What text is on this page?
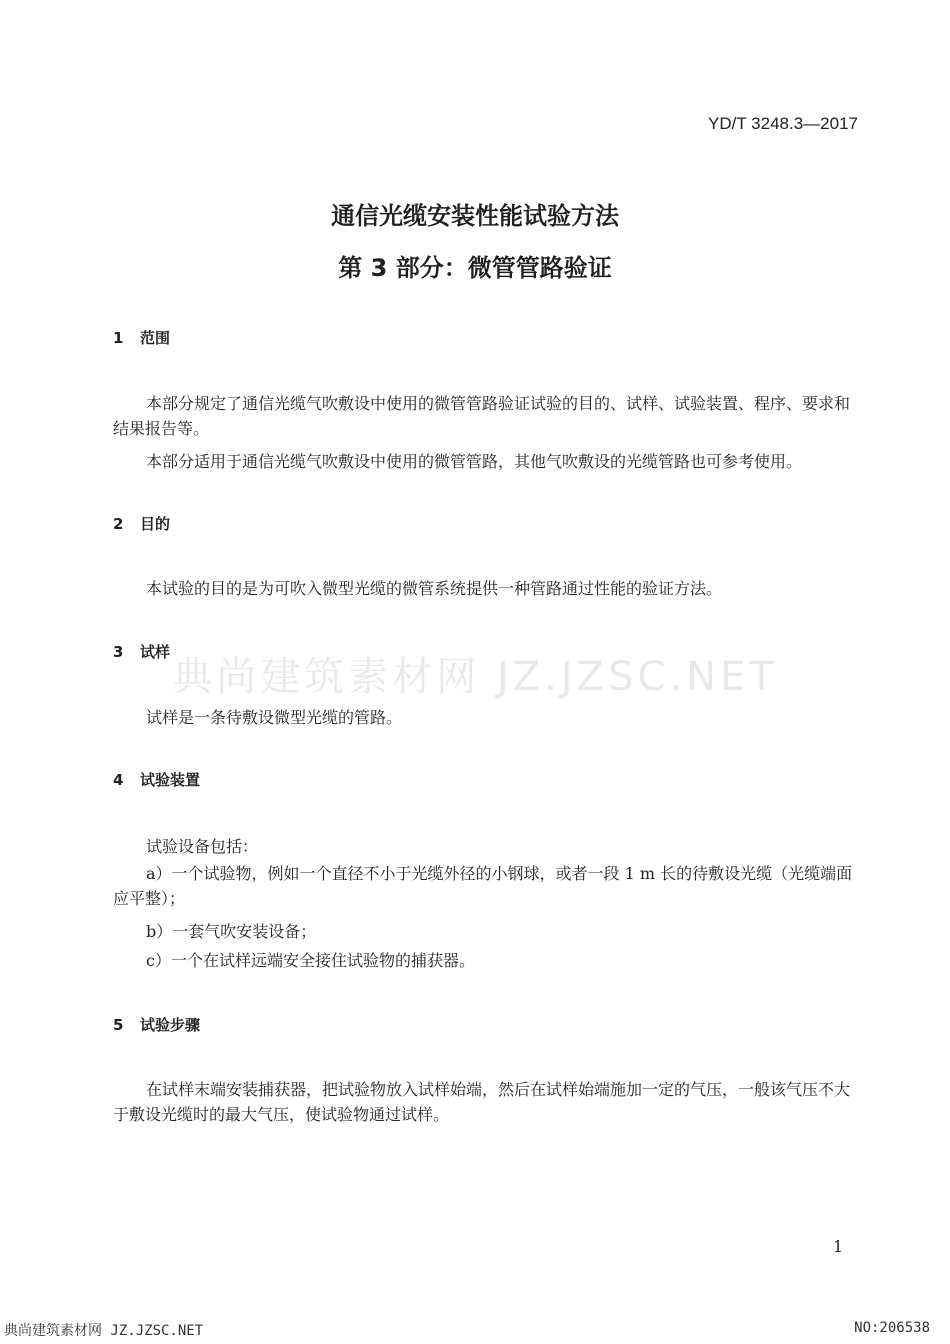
YD/T 3248.3—2017
通信光缆安装性能试验方法
第 3 部分：微管管路验证
1 范围
本部分规定了通信光缆气吹敷设中使用的微管管路验证试验的目的、试样、试验装置、程序、要求和结果报告等。
本部分适用于通信光缆气吹敷设中使用的微管管路，其他气吹敷设的光缆管路也可参考使用。
2 目的
本试验的目的是为可吹入微型光缆的微管系统提供一种管路通过性能的验证方法。
3 试样
试样是一条待敷设微型光缆的管路。
4 试验装置
试验设备包括：
a）一个试验物，例如一个直径不小于光缆外径的小钢球，或者一段 1 m 长的待敷设光缆（光缆端面应平整）；
b）一套气吹安装设备；
c）一个在试样远端安全接住试验物的捕获器。
5 试验步骤
在试样末端安装捕获器，把试验物放入试样始端，然后在试样始端施加一定的气压，一般该气压不大于敷设光缆时的最大气压，使试验物通过试样。
典尚建筑素材网 JZ.JZSC.NET
1
典尚建筑素材网 JZ.JZSC.NET	NO:206538
